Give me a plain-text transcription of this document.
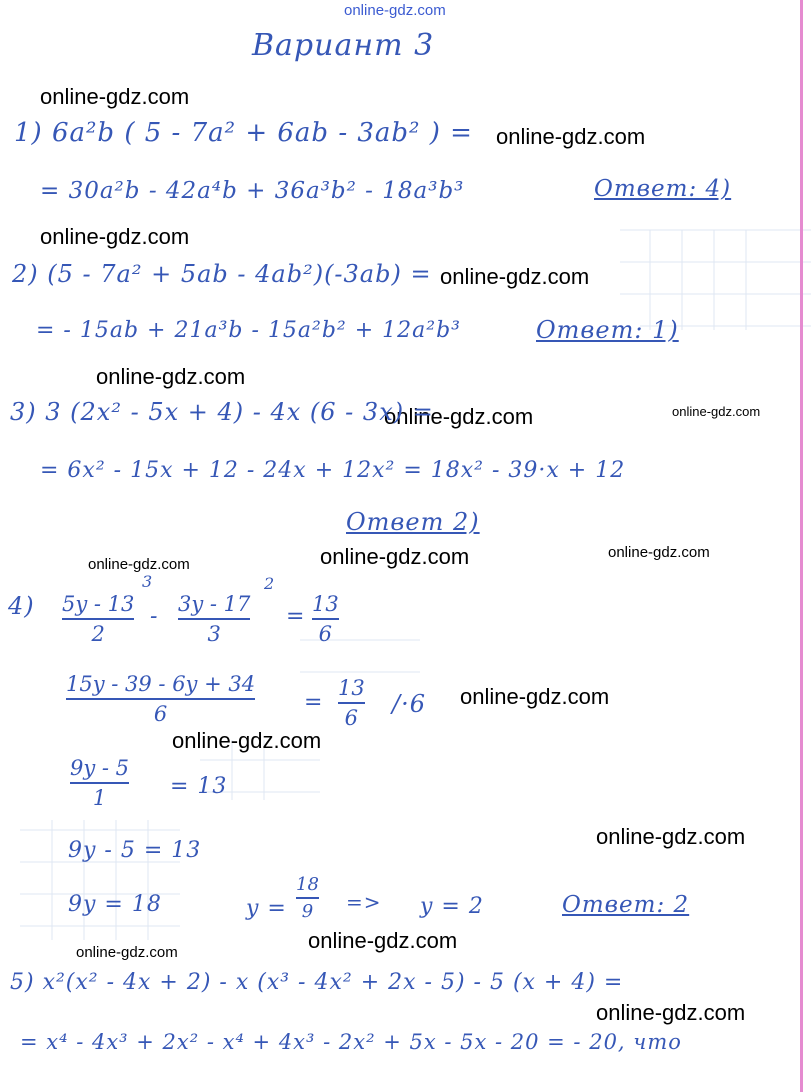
online-gdz.com
online-gdz.com
online-gdz.com
online-gdz.com
online-gdz.com
online-gdz.com
online-gdz.com	online-gdz.com
online-gdz.com	online-gdz.com
online-gdz.com
online-gdz.com
online-gdz.com
online-gdz.com
online-gdz.com
online-gdz.com
online-gdz.com
Вариант 3
1) 6a²b ( 5 - 7a² + 6ab - 3ab² ) =
= 30a²b - 42a⁴b + 36a³b² - 18a³b³	Ответ: 4)
2) (5 - 7a² + 5ab - 4ab²)(-3ab) =
= - 15ab + 21a³b - 15a²b² + 12a²b³	Ответ: 1)
3) 3 (2x² - 5x + 4) - 4x (6 - 3x) =
= 6x² - 15x + 12 - 24x + 12x² = 18x² - 39·x + 12
Ответ 2)
4) 5y - 13
2
3
- 3y - 17
3
2
= 13
6
15y - 39 - 6y + 34
6	=
13
6 /·6
9y - 5
1	= 13
9y - 5 = 13
9y = 18	y =
18
9 => y = 2	Ответ: 2
5) x²(x² - 4x + 2) - x (x³ - 4x² + 2x - 5) - 5 (x + 4) =
= x⁴ - 4x³ + 2x² - x⁴ + 4x³ - 2x² + 5x - 5x - 20 = - 20, что
